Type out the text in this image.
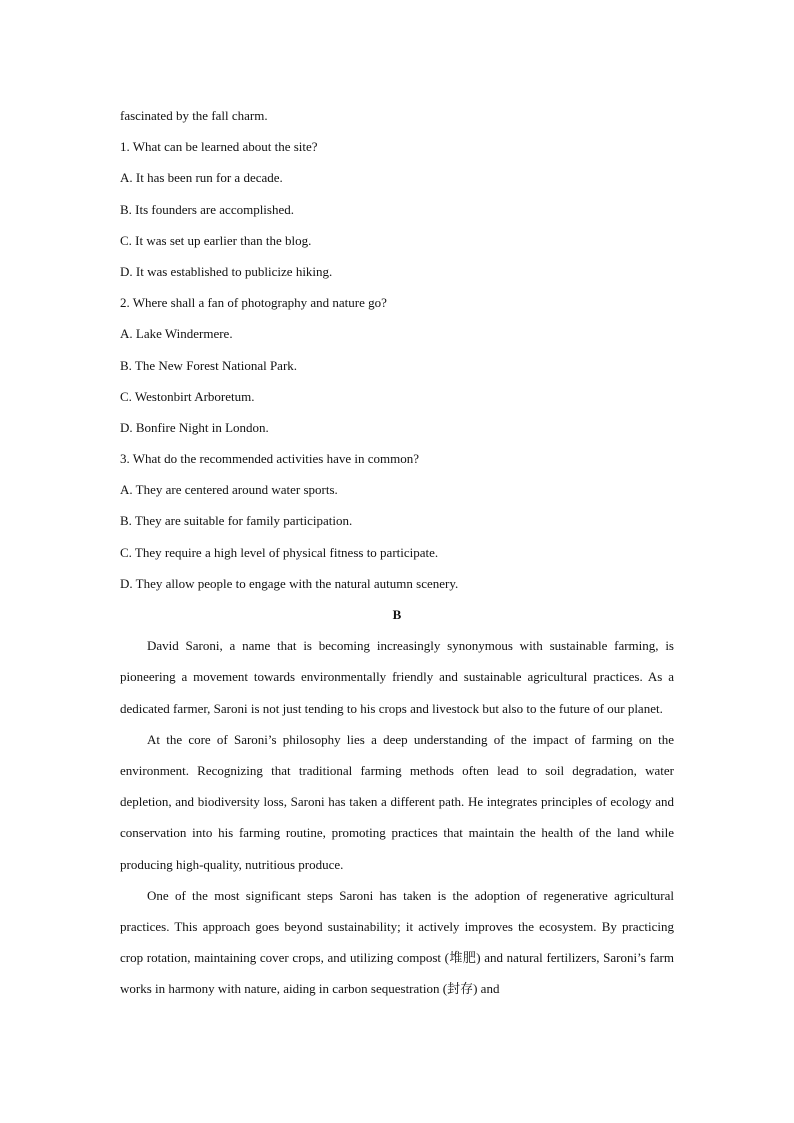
fascinated by the fall charm.
1. What can be learned about the site?
A. It has been run for a decade.
B. Its founders are accomplished.
C. It was set up earlier than the blog.
D. It was established to publicize hiking.
2. Where shall a fan of photography and nature go?
A. Lake Windermere.
B. The New Forest National Park.
C. Westonbirt Arboretum.
D. Bonfire Night in London.
3. What do the recommended activities have in common?
A. They are centered around water sports.
B. They are suitable for family participation.
C. They require a high level of physical fitness to participate.
D. They allow people to engage with the natural autumn scenery.
B

David Saroni, a name that is becoming increasingly synonymous with sustainable farming, is pioneering a movement towards environmentally friendly and sustainable agricultural practices. As a dedicated farmer, Saroni is not just tending to his crops and livestock but also to the future of our planet.

At the core of Saroni’s philosophy lies a deep understanding of the impact of farming on the environment. Recognizing that traditional farming methods often lead to soil degradation, water depletion, and biodiversity loss, Saroni has taken a different path. He integrates principles of ecology and conservation into his farming routine, promoting practices that maintain the health of the land while producing high-quality, nutritious produce.

One of the most significant steps Saroni has taken is the adoption of regenerative agricultural practices. This approach goes beyond sustainability; it actively improves the ecosystem. By practicing crop rotation, maintaining cover crops, and utilizing compost (堆肥) and natural fertilizers, Saroni’s farm works in harmony with nature, aiding in carbon sequestration (封存) and
